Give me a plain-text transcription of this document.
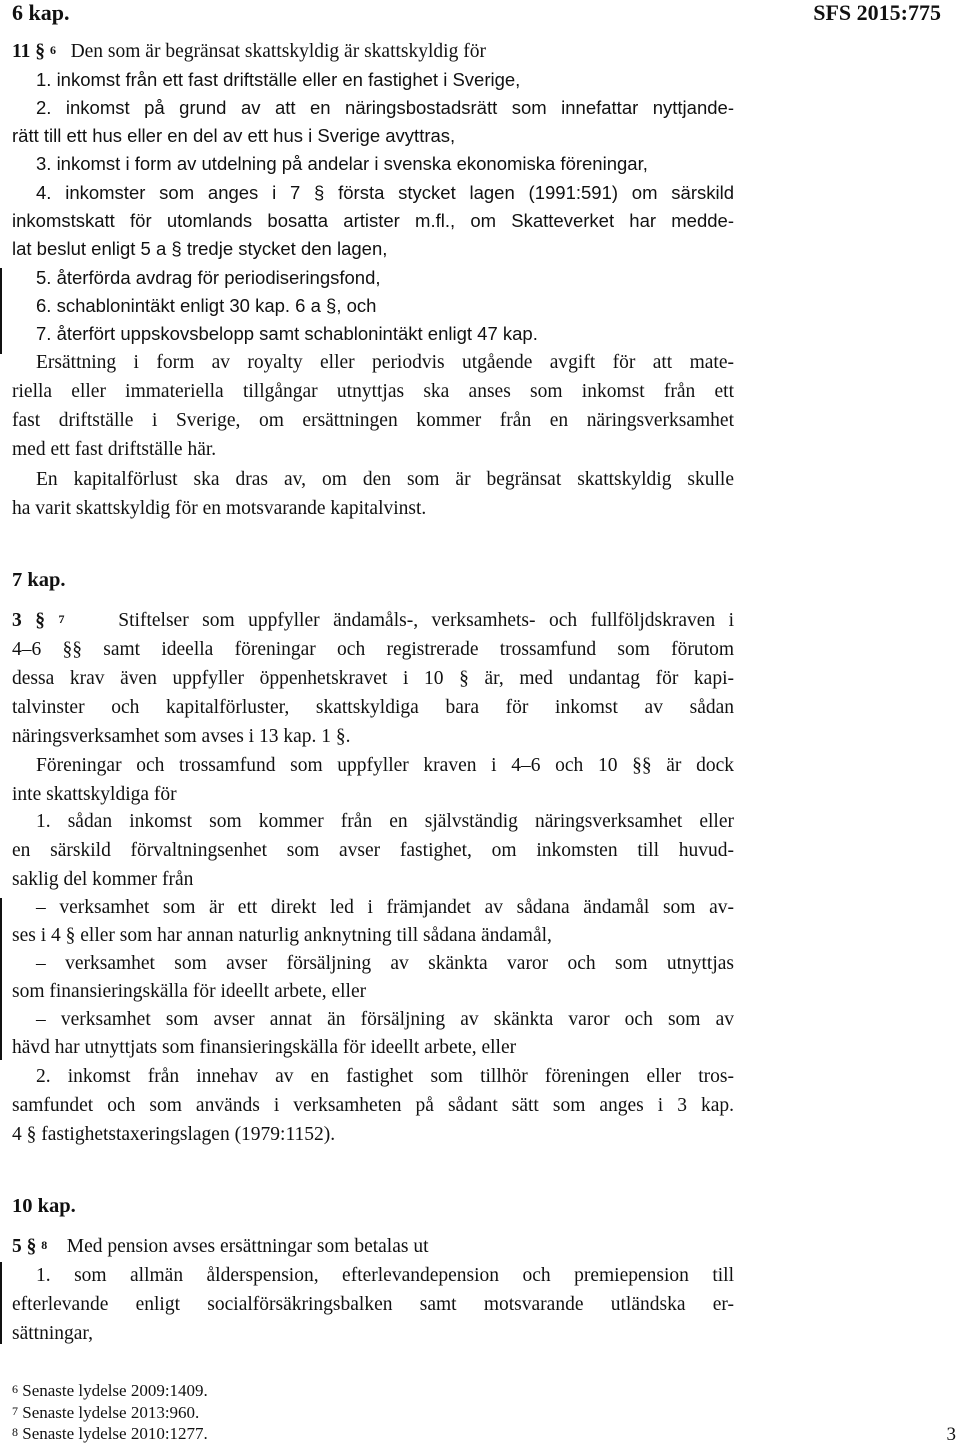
6 kap.	SFS 2015:775
11 § $^6$ Den som är begränsat skattskyldig är skattskyldig för
1. inkomst från ett fast driftställe eller en fastighet i Sverige,
2. inkomst på grund av att en näringsbostadsrätt som innefattar nyttjande-
rätt till ett hus eller en del av ett hus i Sverige avyttras,
3. inkomst i form av utdelning på andelar i svenska ekonomiska föreningar,
4. inkomster som anges i 7 § första stycket lagen (1991:591) om särskild
inkomstskatt för utomlands bosatta artister m.fl., om Skatteverket har medde-
lat beslut enligt 5 a § tredje stycket den lagen,
5. återförda avdrag för periodiseringsfond,
6. schablonintäkt enligt 30 kap. 6 a §, och
7. återfört uppskovsbelopp samt schablonintäkt enligt 47 kap.
Ersättning i form av royalty eller periodvis utgående avgift för att mate-
riella eller immateriella tillgångar utnyttjas ska anses som inkomst från ett
fast driftställe i Sverige, om ersättningen kommer från en näringsverksamhet
med ett fast driftställe här.
En kapitalförlust ska dras av, om den som är begränsat skattskyldig skulle
ha varit skattskyldig för en motsvarande kapitalvinst.
7 kap.
3 § $^7$    Stiftelser som uppfyller ändamåls-, verksamhets- och fullföljdskraven i
4–6 §§ samt ideella föreningar och registrerade trossamfund som förutom
dessa krav även uppfyller öppenhetskravet i 10 § är, med undantag för kapi-
talvinster och kapitalförluster, skattskyldiga bara för inkomst av sådan
näringsverksamhet som avses i 13 kap. 1 §.
Föreningar och trossamfund som uppfyller kraven i 4–6 och 10 §§ är dock
inte skattskyldiga för
1. sådan inkomst som kommer från en självständig näringsverksamhet eller
en särskild förvaltningsenhet som avser fastighet, om inkomsten till huvud-
saklig del kommer från
– verksamhet som är ett direkt led i främjandet av sådana ändamål som av-
ses i 4 § eller som har annan naturlig anknytning till sådana ändamål,
– verksamhet som avser försäljning av skänkta varor och som utnyttjas
som finansieringskälla för ideellt arbete, eller
– verksamhet som avser annat än försäljning av skänkta varor och som av
hävd har utnyttjats som finansieringskälla för ideellt arbete, eller
2. inkomst från innehav av en fastighet som tillhör föreningen eller tros-
samfundet och som används i verksamheten på sådant sätt som anges i 3 kap.
4 § fastighetstaxeringslagen (1979:1152).
10 kap.
5 § $^8$    Med pension avses ersättningar som betalas ut
1. som allmän ålderspension, efterlevandepension och premiepension till
efterlevande enligt socialförsäkringsbalken samt motsvarande utländska er-
sättningar,
$^6$ Senaste lydelse 2009:1409.
$^7$ Senaste lydelse 2013:960.
$^8$ Senaste lydelse 2010:1277.	3
